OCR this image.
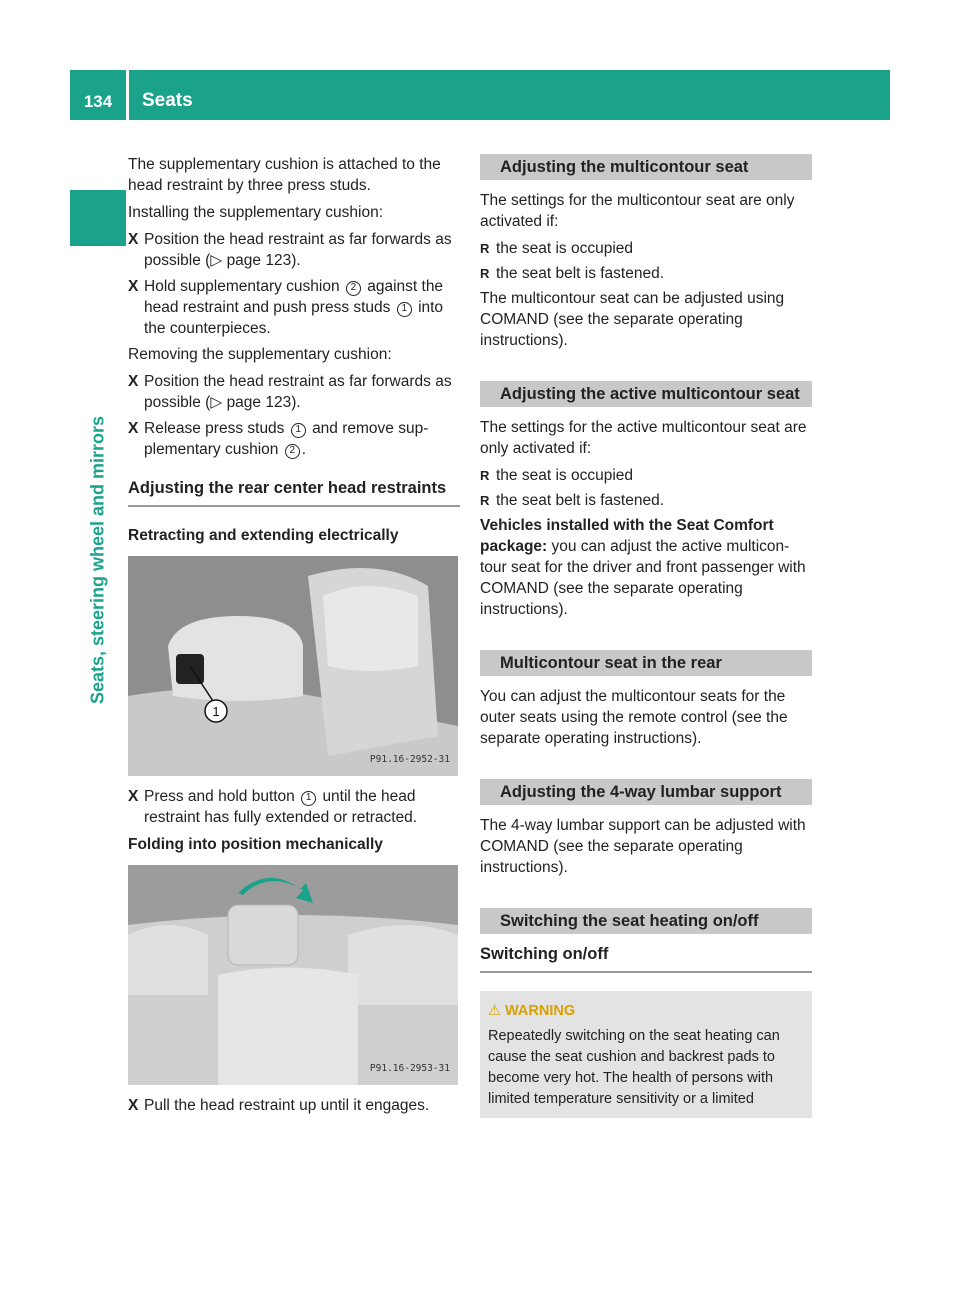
134	Seats
Seats, steering wheel and mirrors

The supplementary cushion is attached to the head restraint by three press studs.

Installing the supplementary cushion:

X Position the head restraint as far forwards as possible (▷ page 123).
X Hold supplementary cushion 2 against the head restraint and push press studs 1 into the counterpieces.

Removing the supplementary cushion:

X Position the head restraint as far forwards as possible (▷ page 123).
X Release press studs 1 and remove sup-plementary cushion 2 .
Adjusting the rear center head restraints
Retracting and extending electrically
1
P91.16-2952-31
X Press and hold button 1 until the head restraint has fully extended or retracted.
Folding into position mechanically
P91.16-2953-31
X Pull the head restraint up until it engages.
Adjusting the multicontour seat

The settings for the multicontour seat are only activated if:

R the seat is occupied
R the seat belt is fastened.

The multicontour seat can be adjusted using COMAND (see the separate operating instructions).

Adjusting the active multicontour seat

The settings for the active multicontour seat are only activated if:

R the seat is occupied
R the seat belt is fastened.

Vehicles installed with the Seat Comfort package: you can adjust the active multicon-tour seat for the driver and front passenger with COMAND (see the separate operating instructions).

Multicontour seat in the rear

You can adjust the multicontour seats for the outer seats using the remote control (see the separate operating instructions).

Adjusting the 4-way lumbar support

The 4-way lumbar support can be adjusted with COMAND (see the separate operating instructions).

Switching the seat heating on/off
Switching on/off
⚠ WARNING
Repeatedly switching on the seat heating can cause the seat cushion and backrest pads to become very hot. The health of persons with limited temperature sensitivity or a limited
